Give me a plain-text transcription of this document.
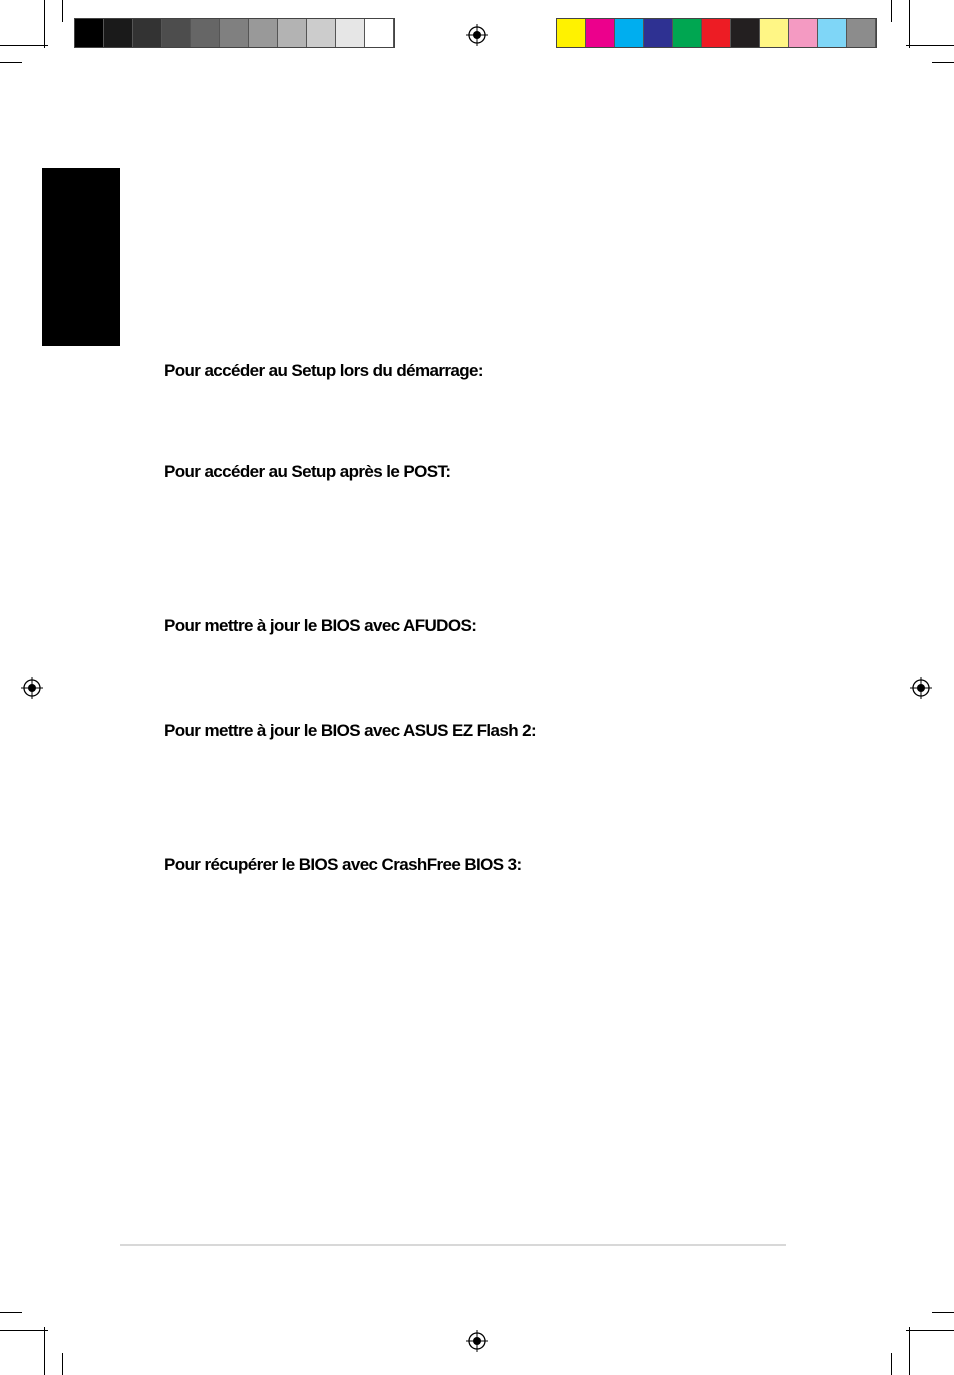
Pour accéder au Setup lors du démarrage:
Pour accéder au Setup après le POST:
Pour mettre à jour le BIOS avec AFUDOS:
Pour mettre à jour le BIOS avec ASUS EZ Flash 2:
Pour récupérer le BIOS avec CrashFree BIOS 3:
